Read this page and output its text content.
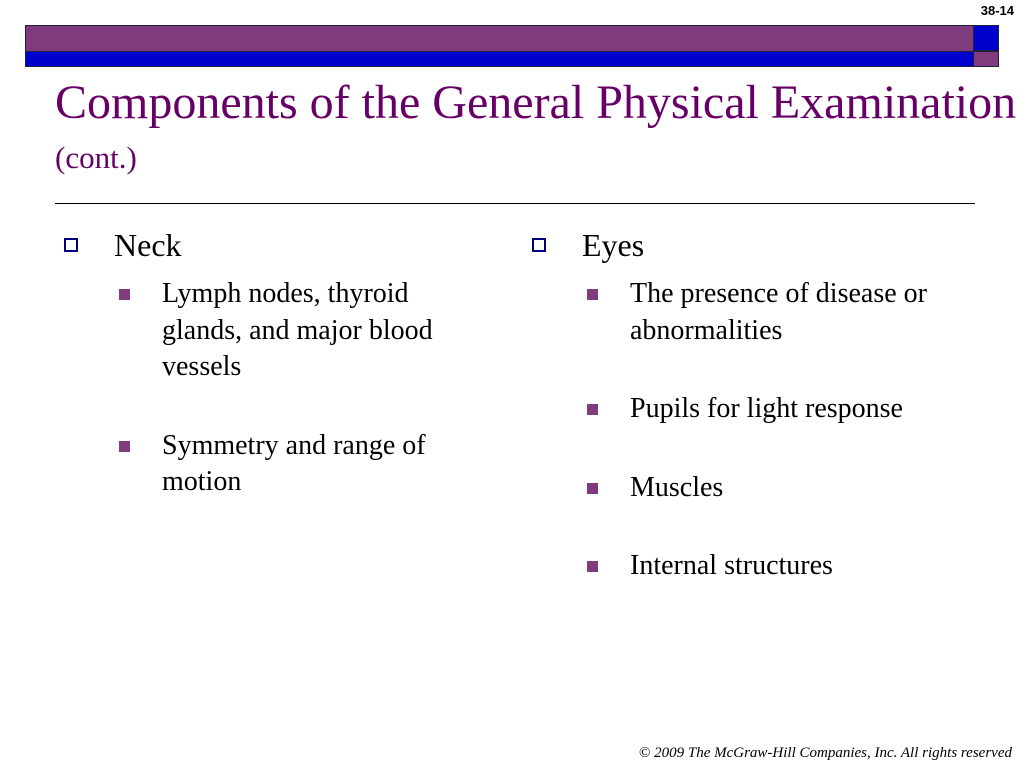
38-14
Components of the General Physical Examination (cont.)
Neck
Lymph nodes, thyroid glands, and major blood vessels
Symmetry and range of motion
Eyes
The presence of disease or abnormalities
Pupils for light response
Muscles
Internal structures
© 2009 The McGraw-Hill Companies, Inc. All rights reserved
